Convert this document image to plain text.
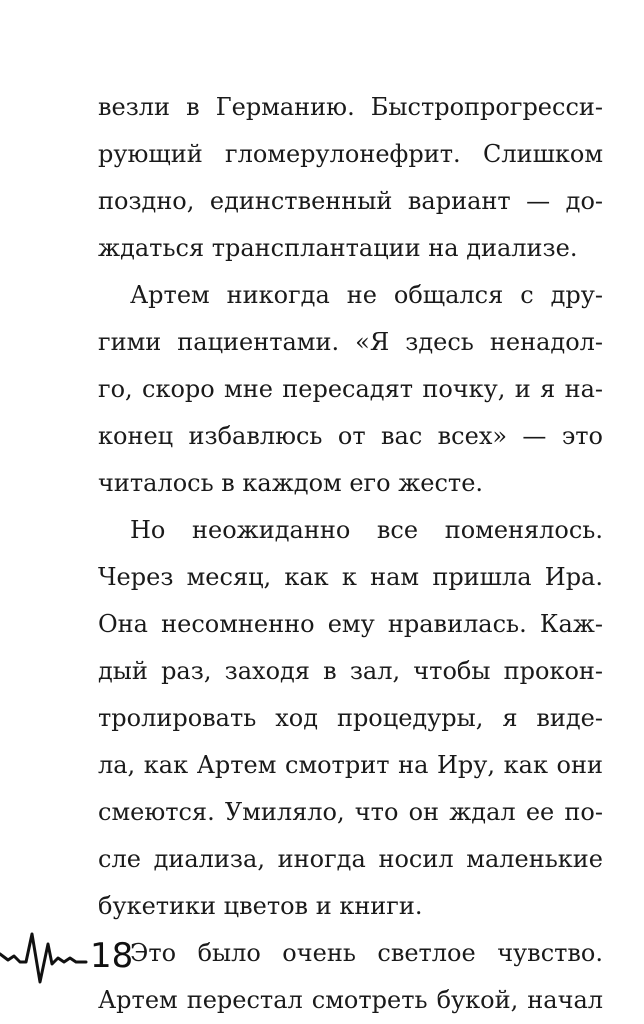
везли в Германию. Быстропрогресси-
рующий гломерулонефрит. Слишком
поздно, единственный вариант — до-
ждаться трансплантации на диализе.
Артем никогда не общался с дру-
гими пациентами. «Я здесь ненадол-
го, скоро мне пересадят почку, и я на-
конец избавлюсь от вас всех» — это
читалось в каждом его жесте.
Но неожиданно все поменялось.
Через месяц, как к нам пришла Ира.
Она несомненно ему нравилась. Каж-
дый раз, заходя в зал, чтобы прокон-
тролировать ход процедуры, я виде-
ла, как Артем смотрит на Иру, как они
смеются. Умиляло, что он ждал ее по-
сле диализа, иногда носил маленькие
букетики цветов и книги.
Это было очень светлое чувство.
Артем перестал смотреть букой, начал
18
